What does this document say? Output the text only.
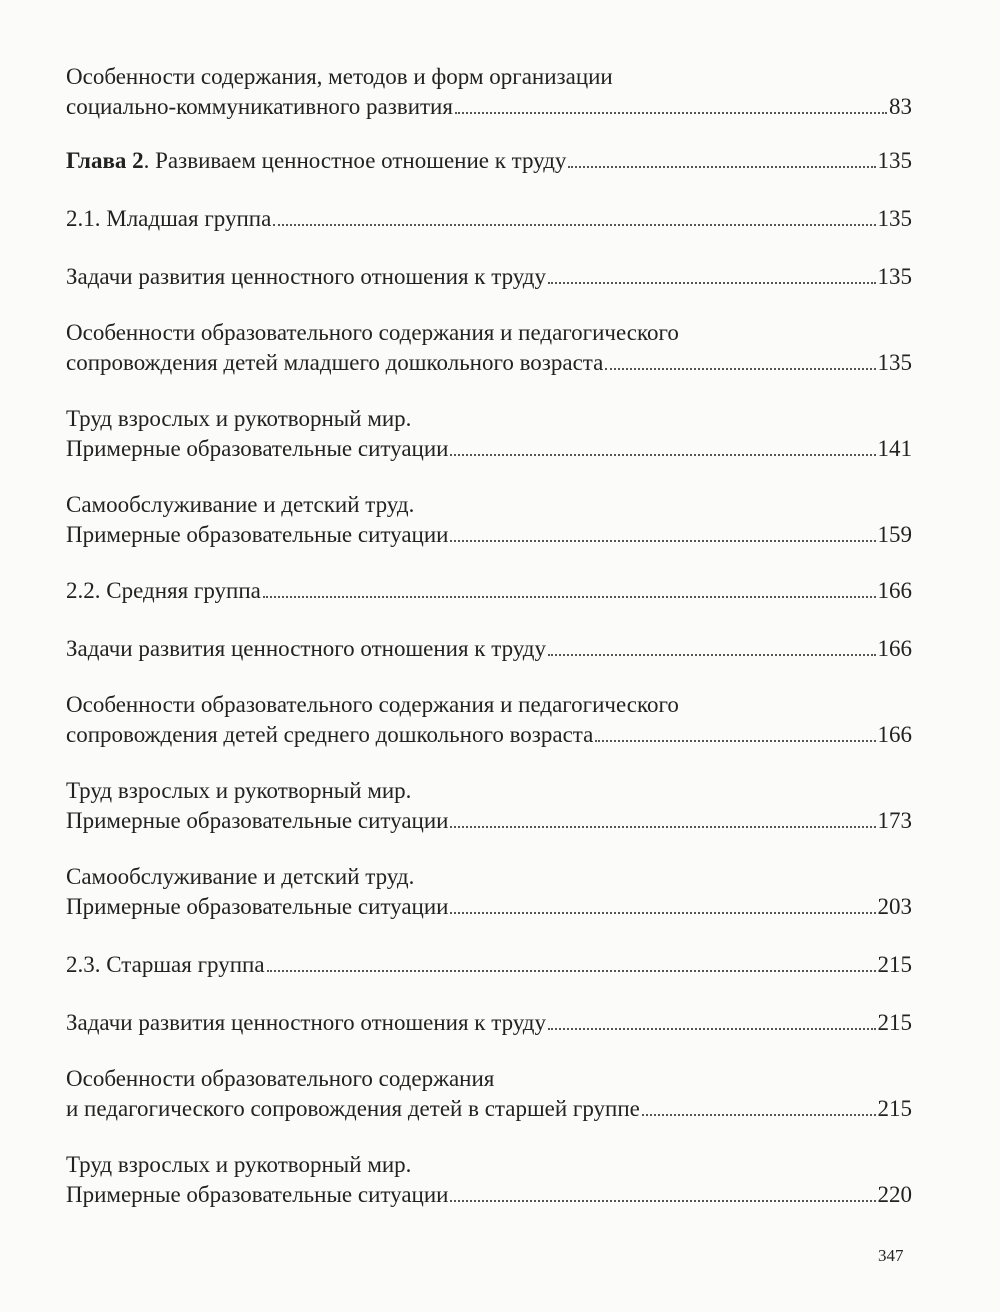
Особенности содержания, методов и форм организации
социально-коммуникативного развития	83
Глава 2 . Развиваем ценностное отношение к труду	135
2.1. Младшая группа	135
Задачи развития ценностного отношения к труду	135
Особенности образовательного содержания и педагогического
сопровождения детей младшего дошкольного возраста	135
Труд взрослых и рукотворный мир.
Примерные образовательные ситуации	141
Самообслуживание и детский труд.
Примерные образовательные ситуации	159
2.2. Средняя группа	166
Задачи развития ценностного отношения к труду	166
Особенности образовательного содержания и педагогического
сопровождения детей среднего дошкольного возраста	166
Труд взрослых и рукотворный мир.
Примерные образовательные ситуации	173
Самообслуживание и детский труд.
Примерные образовательные ситуации	203
2.3. Старшая группа	215
Задачи развития ценностного отношения к труду	215
Особенности образовательного содержания
и педагогического сопровождения детей в старшей группе	215
Труд взрослых и рукотворный мир.
Примерные образовательные ситуации	220
347
